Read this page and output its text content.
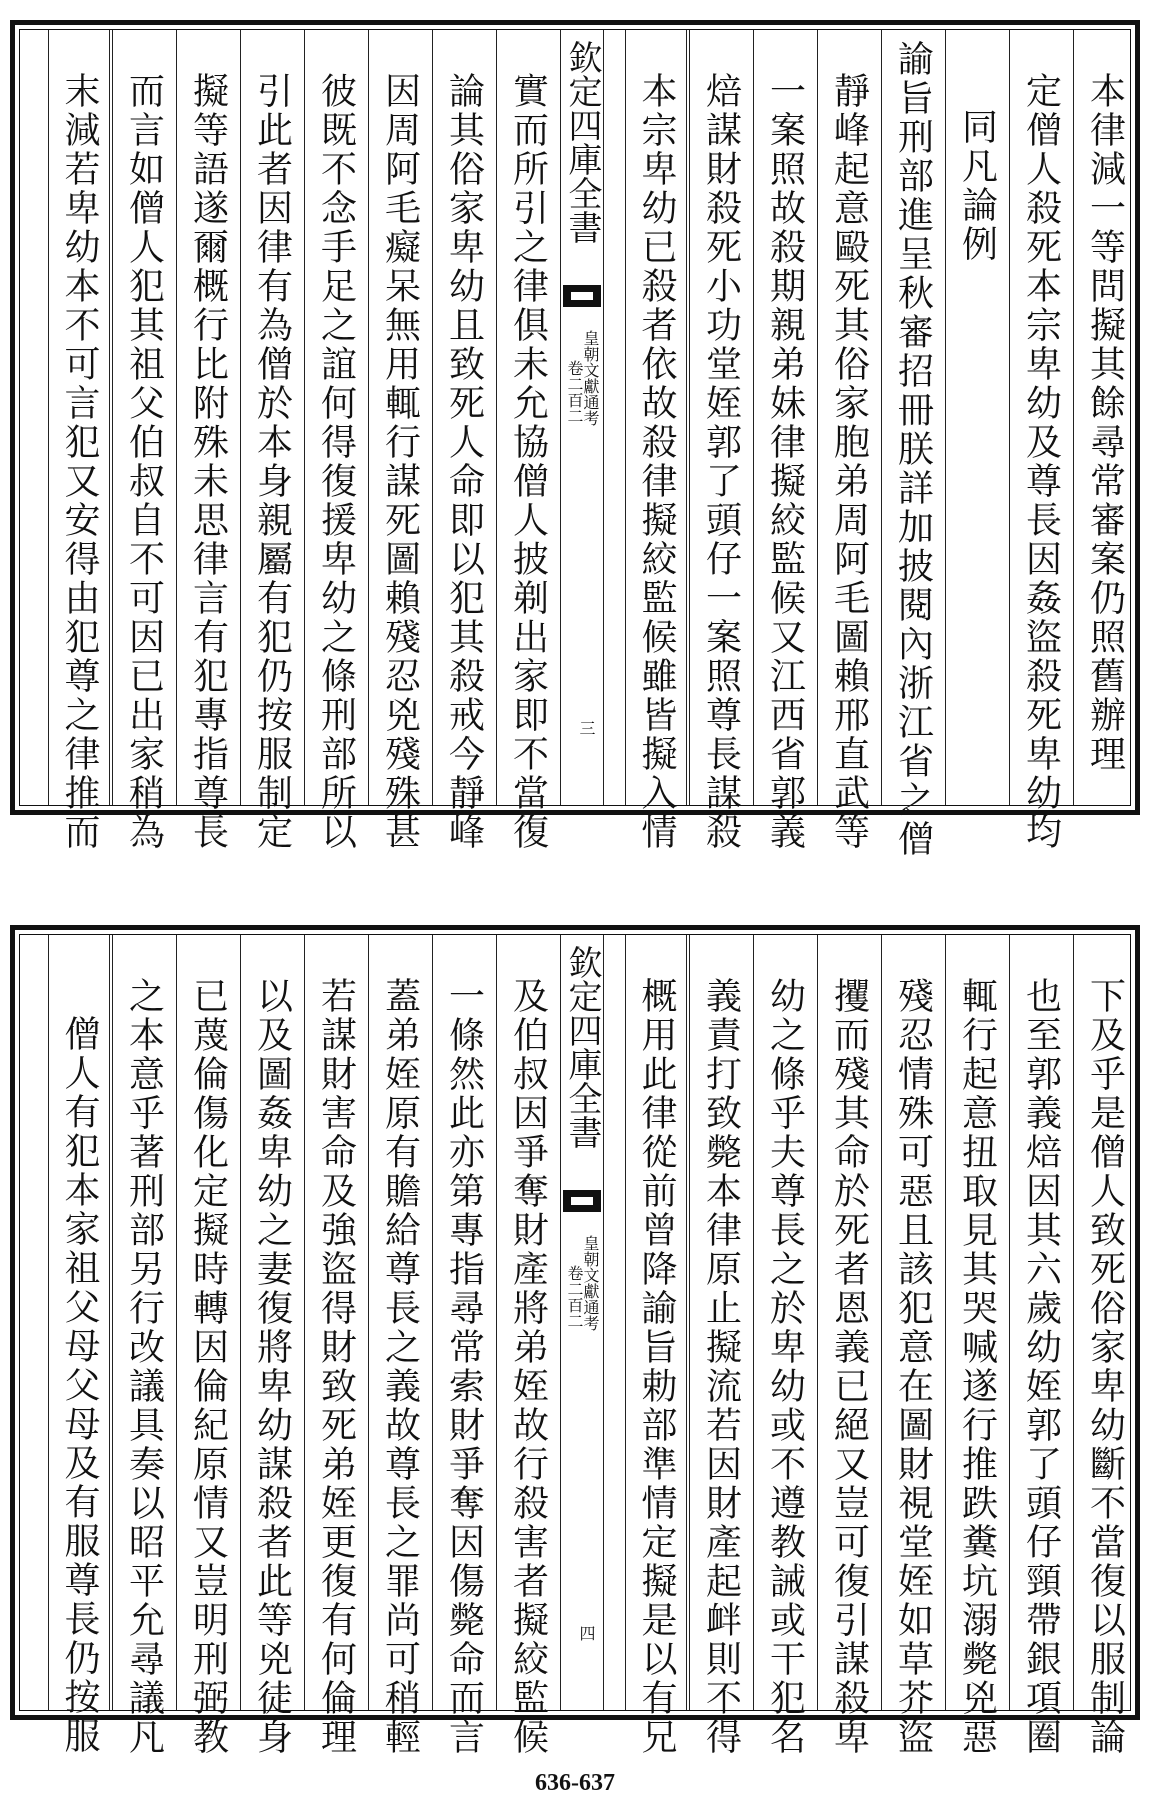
本律減一等問擬其餘尋常審案仍照舊辦理
定僧人殺死本宗卑幼及尊長因姦盜殺死卑幼均
同凡論例
諭旨刑部進呈秋審招冊朕詳加披閱內浙江省之僧
靜峰起意毆死其俗家胞弟周阿毛圖賴邢直武等
一案照故殺期親弟妹律擬絞監候又江西省郭義
焙謀財殺死小功堂姪郭了頭仔一案照尊長謀殺
本宗卑幼已殺者依故殺律擬絞監候雖皆擬入情
欽定四庫全書
皇朝文獻通考
卷二百二
三
實而所引之律俱未允協僧人披剃出家即不當復
論其俗家卑幼且致死人命即以犯其殺戒今靜峰
因周阿毛癡呆無用輒行謀死圖賴殘忍兇殘殊甚
彼既不念手足之誼何得復援卑幼之條刑部所以
引此者因律有為僧於本身親屬有犯仍按服制定
擬等語遂爾概行比附殊未思律言有犯專指尊長
而言如僧人犯其祖父伯叔自不可因已出家稍為
末減若卑幼本不可言犯又安得由犯尊之律推而
下及乎是僧人致死俗家卑幼斷不當復以服制論
也至郭義焙因其六歲幼姪郭了頭仔頸帶銀項圈
輒行起意扭取見其哭喊遂行推跌糞坑溺斃兇惡
殘忍情殊可惡且該犯意在圖財視堂姪如草芥盜
攫而殘其命於死者恩義已絕又豈可復引謀殺卑
幼之條乎夫尊長之於卑幼或不遵教誡或干犯名
義責打致斃本律原止擬流若因財產起衅則不得
概用此律從前曾降諭旨勅部準情定擬是以有兄
欽定四庫全書
皇朝文獻通考
卷二百二
四
及伯叔因爭奪財產將弟姪故行殺害者擬絞監候
一條然此亦第專指尋常索財爭奪因傷斃命而言
蓋弟姪原有贍給尊長之義故尊長之罪尚可稍輕
若謀財害命及強盜得財致死弟姪更復有何倫理
以及圖姦卑幼之妻復將卑幼謀殺者此等兇徒身
已蔑倫傷化定擬時轉因倫紀原情又豈明刑弼教
之本意乎著刑部另行改議具奏以昭平允尋議凡
僧人有犯本家祖父母父母及有服尊長仍按服
636-637
